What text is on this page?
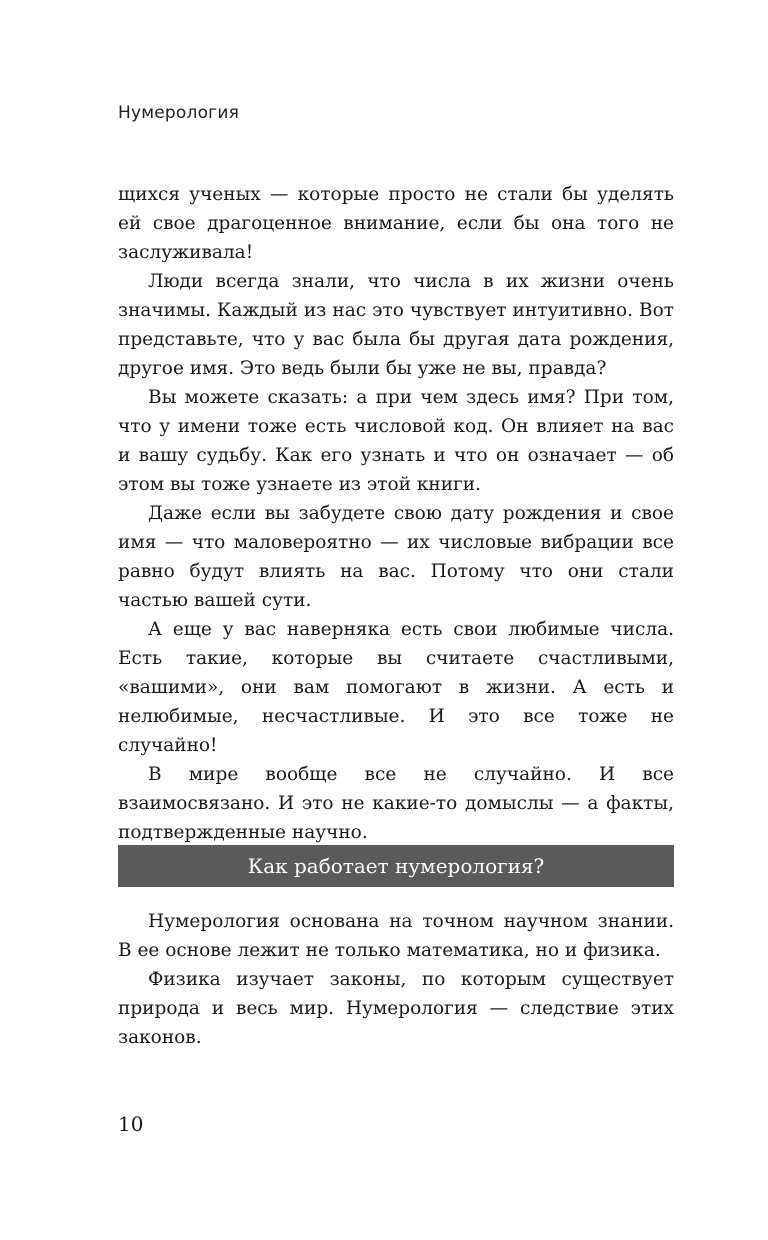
Нумерология

щихся ученых — которые просто не стали бы уделять ей свое драгоценное внимание, если бы она того не заслуживала!

Люди всегда знали, что числа в их жизни очень значимы. Каждый из нас это чувствует интуитивно. Вот представьте, что у вас была бы другая дата рождения, другое имя. Это ведь были бы уже не вы, правда?

Вы можете сказать: а при чем здесь имя? При том, что у имени тоже есть числовой код. Он влияет на вас и вашу судьбу. Как его узнать и что он означает — об этом вы тоже узнаете из этой книги.

Даже если вы забудете свою дату рождения и свое имя — что маловероятно — их числовые вибрации все равно будут влиять на вас. Потому что они стали частью вашей сути.

А еще у вас наверняка есть свои любимые числа. Есть такие, которые вы считаете счастливыми, «вашими», они вам помогают в жизни. А есть и нелюбимые, несчастливые. И это все тоже не случайно!

В мире вообще все не случайно. И все взаимосвязано. И это не какие-то домыслы — а факты, подтвержденные научно.

Как работает нумерология?

Нумерология основана на точном научном знании. В ее основе лежит не только математика, но и физика.

Физика изучает законы, по которым существует природа и весь мир. Нумерология — следствие этих законов.

10
